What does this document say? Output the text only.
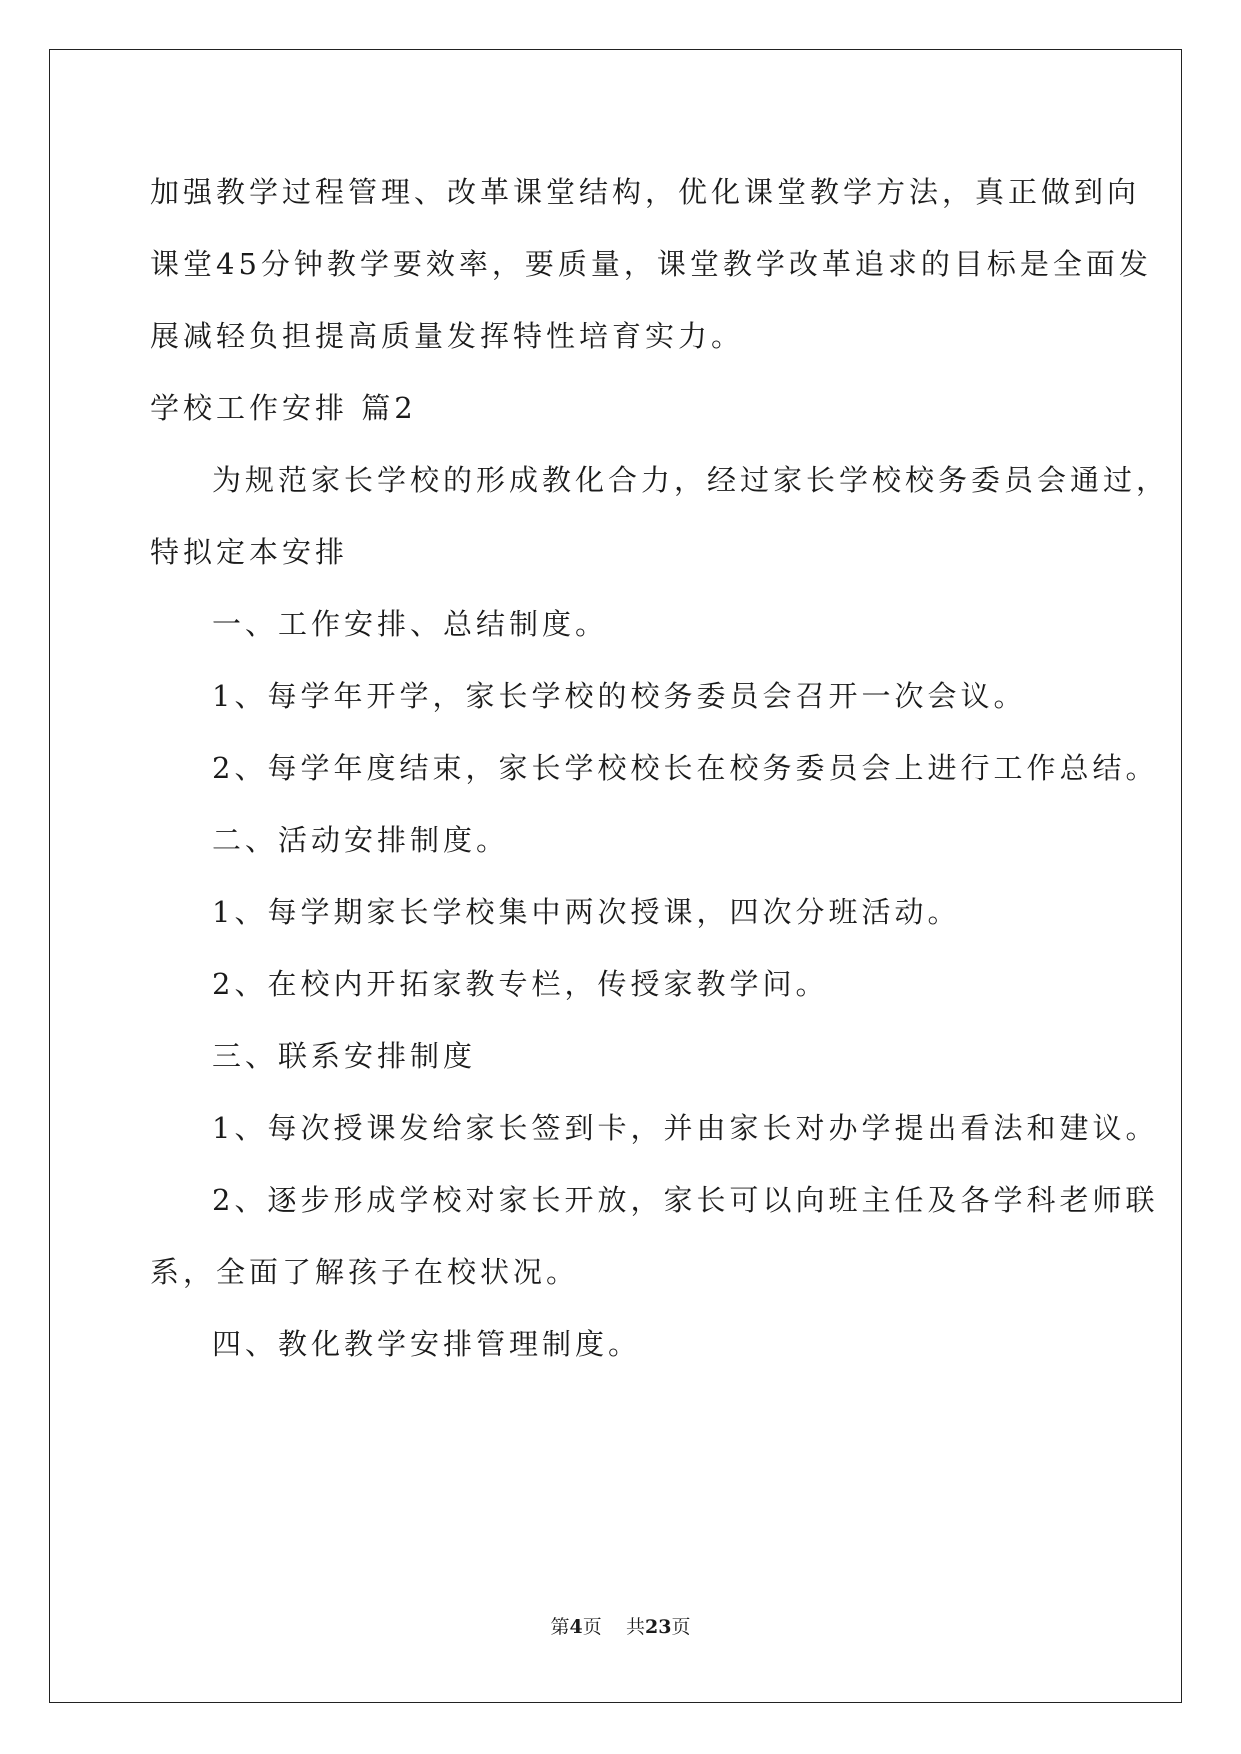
加强教学过程管理、改革课堂结构，优化课堂教学方法，真正做到向
课堂45分钟教学要效率，要质量，课堂教学改革追求的目标是全面发
展减轻负担提高质量发挥特性培育实力。
学校工作安排 篇2
为规范家长学校的形成教化合力，经过家长学校校务委员会通过，
特拟定本安排
一、工作安排、总结制度。
1、每学年开学，家长学校的校务委员会召开一次会议。
2、每学年度结束，家长学校校长在校务委员会上进行工作总结。
二、活动安排制度。
1、每学期家长学校集中两次授课，四次分班活动。
2、在校内开拓家教专栏，传授家教学问。
三、联系安排制度
1、每次授课发给家长签到卡，并由家长对办学提出看法和建议。
2、逐步形成学校对家长开放，家长可以向班主任及各学科老师联
系，全面了解孩子在校状况。
四、教化教学安排管理制度。
第4页 共23页
